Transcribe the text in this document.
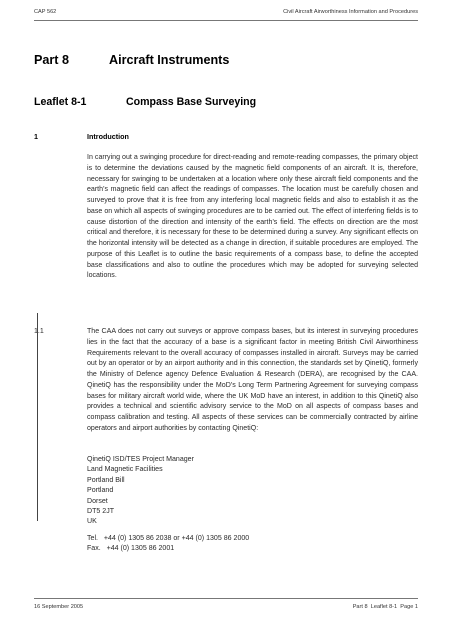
CAP 562	Civil Aircraft Airworthiness Information and Procedures
Part 8	Aircraft Instruments
Leaflet 8-1	Compass Base Surveying
1	Introduction
In carrying out a swinging procedure for direct-reading and remote-reading compasses, the primary object is to determine the deviations caused by the magnetic field components of an aircraft. It is, therefore, necessary for swinging to be undertaken at a location where only these aircraft field components and the earth’s magnetic field can affect the readings of compasses. The location must be carefully chosen and surveyed to prove that it is free from any interfering local magnetic fields and also to establish it as the base on which all aspects of swinging procedures are to be carried out. The effect of interfering fields is to cause distortion of the direction and intensity of the earth’s field. The effects on direction are the most critical and therefore, it is necessary for these to be determined during a survey. Any significant effects on the horizontal intensity will be detected as a change in direction, if suitable procedures are employed. The purpose of this Leaflet is to outline the basic requirements of a compass base, to define the accepted base classifications and also to outline the procedures which may be adopted for surveying selected locations.
1.1	The CAA does not carry out surveys or approve compass bases, but its interest in surveying procedures lies in the fact that the accuracy of a base is a significant factor in meeting British Civil Airworthiness Requirements relevant to the overall accuracy of compasses installed in aircraft. Surveys may be carried out by an operator or by an airport authority and in this connection, the standards set by QinetiQ, formerly the Ministry of Defence agency Defence Evaluation & Research (DERA), are recognised by the CAA. QinetiQ has the responsibility under the MoD’s Long Term Partnering Agreement for surveying compass bases for military aircraft world wide, where the UK MoD have an interest, in addition to this QinetiQ also provides a technical and scientific advisory service to the MoD on all aspects of compass bases and compass calibration and testing. All aspects of these services can be commercially contracted by airline operators and airport authorities by contacting QinetiQ:
QinetiQ ISD/TES Project Manager
Land Magnetic Facilities
Portland Bill
Portland
Dorset
DT5 2JT
UK
Tel.   +44 (0) 1305 86 2038 or +44 (0) 1305 86 2000
Fax.   +44 (0) 1305 86 2001
16 September 2005	Part 8  Leaflet 8-1  Page 1
